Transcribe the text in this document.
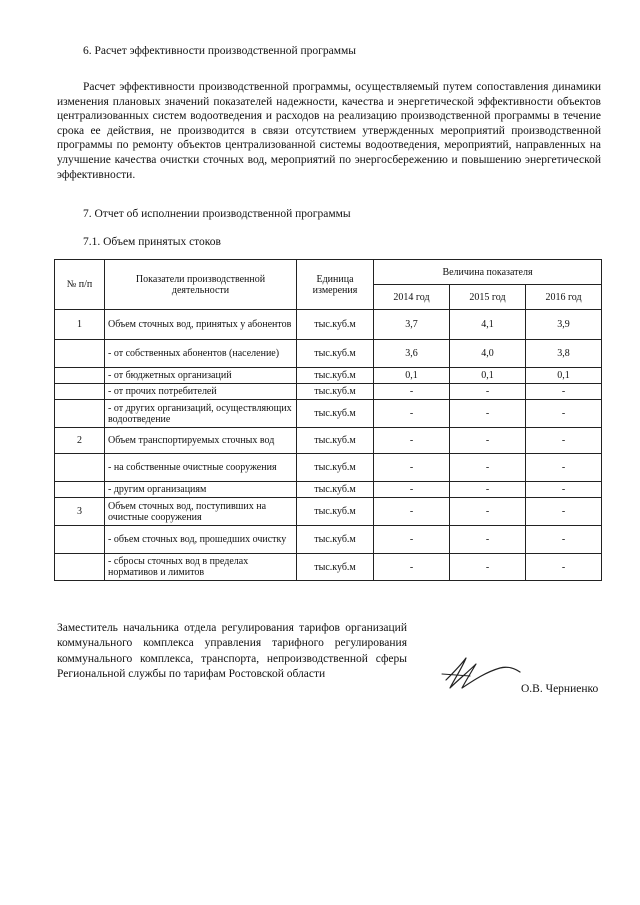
6. Расчет эффективности производственной программы

Расчет эффективности производственной программы, осуществляемый путем сопоставления динамики изменения плановых значений показателей надежности, качества и энергетической эффективности объектов централизованных систем водоотведения и расходов на реализацию производственной программы в течение срока ее действия, не производится в связи отсутствием утвержденных мероприятий производственной программы по ремонту объектов централизованной системы водоотведения, мероприятий, направленных на улучшение качества очистки сточных вод, мероприятий по энергосбережению и повышению энергетической эффективности.

7. Отчет об исполнении производственной программы
7.1. Объем принятых стоков
№ п/п	Показатели производственной деятельности	Единица измерения	Величина показателя		
			2014 год	2015 год	2016 год
1	Объем сточных вод, принятых у абонентов	тыс.куб.м	3,7	4,1	3,9
	- от собственных абонентов (население)	тыс.куб.м	3,6	4,0	3,8
	- от бюджетных организаций	тыс.куб.м	0,1	0,1	0,1
	- от прочих потребителей	тыс.куб.м	-	-	-
	- от других организаций, осуществляющих водоотведение	тыс.куб.м	-	-	-
2	Объем транспортируемых сточных вод	тыс.куб.м	-	-	-
	- на собственные очистные сооружения	тыс.куб.м	-	-	-
	- другим организациям	тыс.куб.м	-	-	-
3	Объем сточных вод, поступивших на очистные сооружения	тыс.куб.м	-	-	-
	- объем сточных вод, прошедших очистку	тыс.куб.м	-	-	-
	- сбросы сточных вод в пределах нормативов и лимитов	тыс.куб.м	-	-	-

Заместитель начальника отдела регулирования тарифов организаций коммунального комплекса управления тарифного регулирования коммунального комплекса, транспорта, непроизводственной сферы Региональной службы по тарифам Ростовской области

О.В. Черниенко
